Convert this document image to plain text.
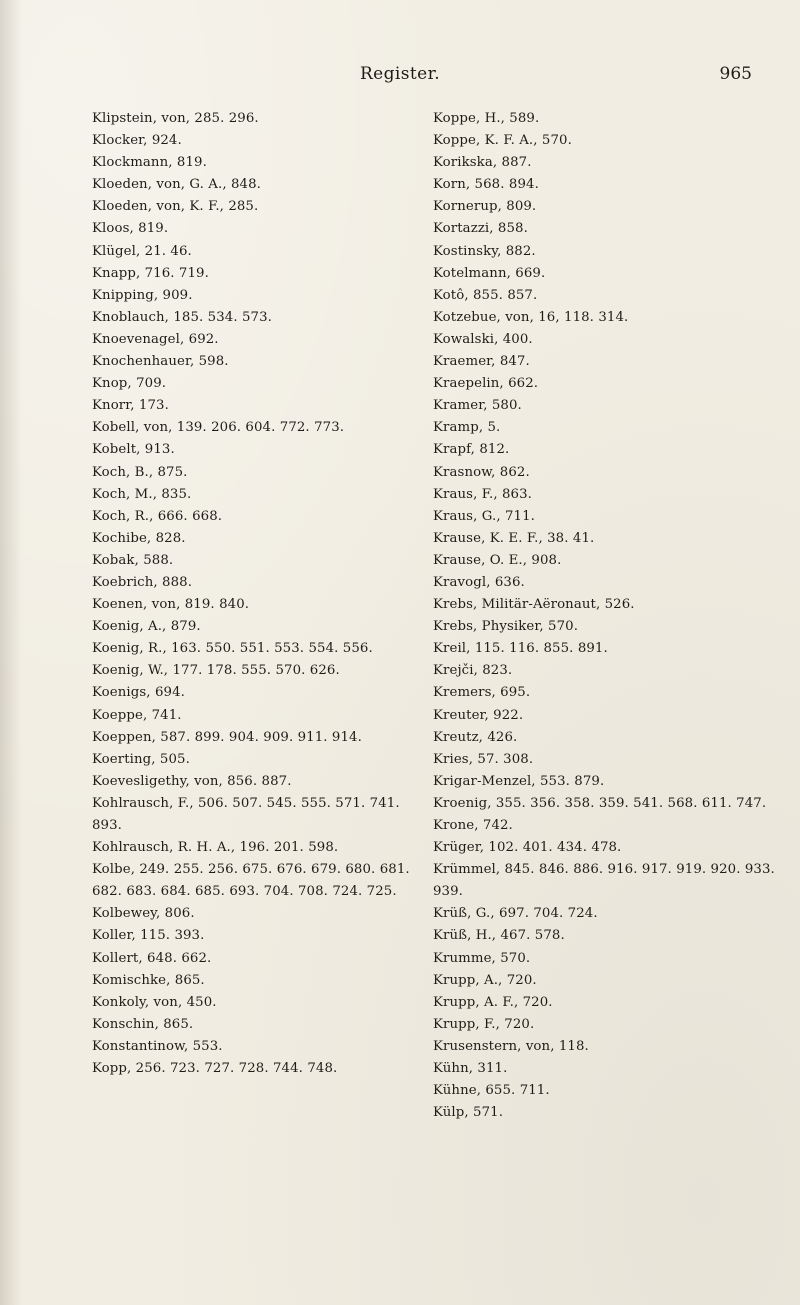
Register.	965
Klipstein, von, 285. 296.
Klocker, 924.
Klockmann, 819.
Kloeden, von, G. A., 848.
Kloeden, von, K. F., 285.
Kloos, 819.
Klügel, 21. 46.
Knapp, 716. 719.
Knipping, 909.
Knoblauch, 185. 534. 573.
Knoevenagel, 692.
Knochenhauer, 598.
Knop, 709.
Knorr, 173.
Kobell, von, 139. 206. 604. 772. 773.
Kobelt, 913.
Koch, B., 875.
Koch, M., 835.
Koch, R., 666. 668.
Kochibe, 828.
Kobak, 588.
Koebrich, 888.
Koenen, von, 819. 840.
Koenig, A., 879.
Koenig, R., 163. 550. 551. 553. 554. 556.
Koenig, W., 177. 178. 555. 570. 626.
Koenigs, 694.
Koeppe, 741.
Koeppen, 587. 899. 904. 909. 911. 914.
Koerting, 505.
Koevesligethy, von, 856. 887.
Kohlrausch, F., 506. 507. 545. 555. 571. 741. 893.
Kohlrausch, R. H. A., 196. 201. 598.
Kolbe, 249. 255. 256. 675. 676. 679. 680. 681. 682. 683. 684. 685. 693. 704. 708. 724. 725.
Kolbewey, 806.
Koller, 115. 393.
Kollert, 648. 662.
Komischke, 865.
Konkoly, von, 450.
Konschin, 865.
Konstantinow, 553.
Kopp, 256. 723. 727. 728. 744. 748.
Koppe, H., 589.
Koppe, K. F. A., 570.
Korikska, 887.
Korn, 568. 894.
Kornerup, 809.
Kortazzi, 858.
Kostinsky, 882.
Kotelmann, 669.
Kotô, 855. 857.
Kotzebue, von, 16, 118. 314.
Kowalski, 400.
Kraemer, 847.
Kraepelin, 662.
Kramer, 580.
Kramp, 5.
Krapf, 812.
Krasnow, 862.
Kraus, F., 863.
Kraus, G., 711.
Krause, K. E. F., 38. 41.
Krause, O. E., 908.
Kravogl, 636.
Krebs, Militär-Aëronaut, 526.
Krebs, Physiker, 570.
Kreil, 115. 116. 855. 891.
Krejči, 823.
Kremers, 695.
Kreuter, 922.
Kreutz, 426.
Kries, 57. 308.
Krigar-Menzel, 553. 879.
Kroenig, 355. 356. 358. 359. 541. 568. 611. 747.
Krone, 742.
Krüger, 102. 401. 434. 478.
Krümmel, 845. 846. 886. 916. 917. 919. 920. 933. 939.
Krüß, G., 697. 704. 724.
Krüß, H., 467. 578.
Krumme, 570.
Krupp, A., 720.
Krupp, A. F., 720.
Krupp, F., 720.
Krusenstern, von, 118.
Kühn, 311.
Kühne, 655. 711.
Külp, 571.
